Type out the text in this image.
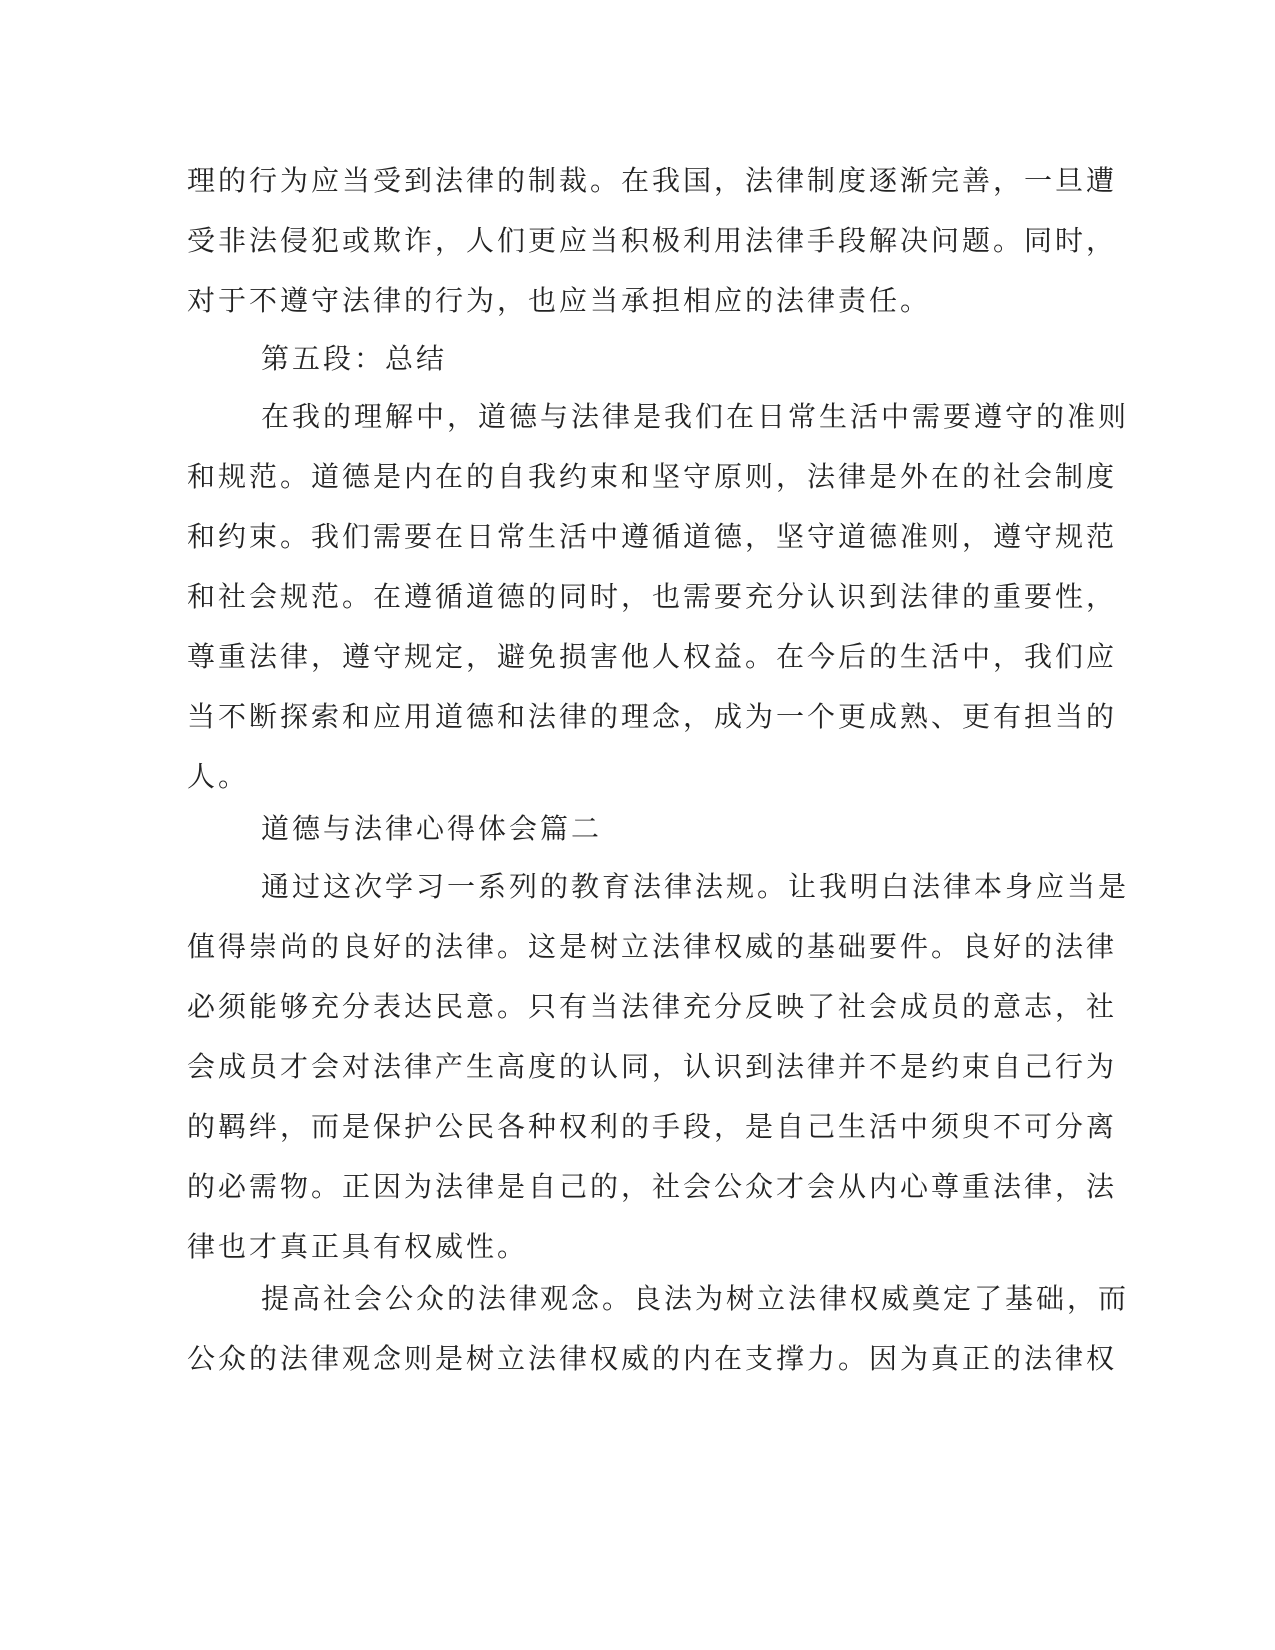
理的行为应当受到法律的制裁。在我国，法律制度逐渐完善，一旦遭
受非法侵犯或欺诈，人们更应当积极利用法律手段解决问题。同时，
对于不遵守法律的行为，也应当承担相应的法律责任。
第五段：总结
在我的理解中，道德与法律是我们在日常生活中需要遵守的准则
和规范。道德是内在的自我约束和坚守原则，法律是外在的社会制度
和约束。我们需要在日常生活中遵循道德，坚守道德准则，遵守规范
和社会规范。在遵循道德的同时，也需要充分认识到法律的重要性，
尊重法律，遵守规定，避免损害他人权益。在今后的生活中，我们应
当不断探索和应用道德和法律的理念，成为一个更成熟、更有担当的
人。
道德与法律心得体会篇二
通过这次学习一系列的教育法律法规。让我明白法律本身应当是
值得崇尚的良好的法律。这是树立法律权威的基础要件。良好的法律
必须能够充分表达民意。只有当法律充分反映了社会成员的意志，社
会成员才会对法律产生高度的认同，认识到法律并不是约束自己行为
的羁绊，而是保护公民各种权利的手段，是自己生活中须臾不可分离
的必需物。正因为法律是自己的，社会公众才会从内心尊重法律，法
律也才真正具有权威性。
提高社会公众的法律观念。良法为树立法律权威奠定了基础，而
公众的法律观念则是树立法律权威的内在支撑力。因为真正的法律权
